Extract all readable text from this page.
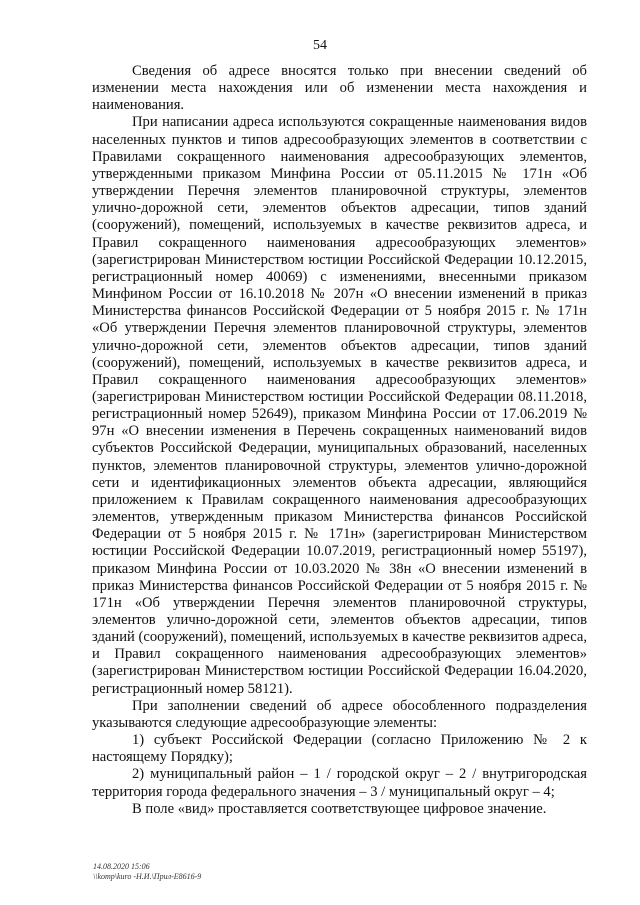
54

Сведения об адресе вносятся только при внесении сведений об изменении места нахождения или об изменении места нахождения и наименования.

При написании адреса используются сокращенные наименования видов населенных пунктов и типов адресообразующих элементов в соответствии с Правилами сокращенного наименования адресообразующих элементов, утвержденными приказом Минфина России от 05.11.2015 № 171н «Об утверждении Перечня элементов планировочной структуры, элементов улично-дорожной сети, элементов объектов адресации, типов зданий (сооружений), помещений, используемых в качестве реквизитов адреса, и Правил сокращенного наименования адресообразующих элементов» (зарегистрирован Министерством юстиции Российской Федерации 10.12.2015, регистрационный номер 40069) с изменениями, внесенными приказом Минфином России от 16.10.2018 № 207н «О внесении изменений в приказ Министерства финансов Российской Федерации от 5 ноября 2015 г. № 171н «Об утверждении Перечня элементов планировочной структуры, элементов улично-дорожной сети, элементов объектов адресации, типов зданий (сооружений), помещений, используемых в качестве реквизитов адреса, и Правил сокращенного наименования адресообразующих элементов» (зарегистрирован Министерством юстиции Российской Федерации 08.11.2018, регистрационный номер 52649), приказом Минфина России от 17.06.2019 № 97н «О внесении изменения в Перечень сокращенных наименований видов субъектов Российской Федерации, муниципальных образований, населенных пунктов, элементов планировочной структуры, элементов улично-дорожной сети и идентификационных элементов объекта адресации, являющийся приложением к Правилам сокращенного наименования адресообразующих элементов, утвержденным приказом Министерства финансов Российской Федерации от 5 ноября 2015 г. № 171н» (зарегистрирован Министерством юстиции Российской Федерации 10.07.2019, регистрационный номер 55197), приказом Минфина России от 10.03.2020 № 38н «О внесении изменений в приказ Министерства финансов Российской Федерации от 5 ноября 2015 г. № 171н «Об утверждении Перечня элементов планировочной структуры, элементов улично-дорожной сети, элементов объектов адресации, типов зданий (сооружений), помещений, используемых в качестве реквизитов адреса, и Правил сокращенного наименования адресообразующих элементов» (зарегистрирован Министерством юстиции Российской Федерации 16.04.2020, регистрационный номер 58121).

При заполнении сведений об адресе обособленного подразделения указываются следующие адресообразующие элементы:

1) субъект Российской Федерации (согласно Приложению № 2 к настоящему Порядку);

2) муниципальный район – 1 / городской округ – 2 / внутригородская территория города федерального значения – 3 / муниципальный округ – 4;

В поле «вид» проставляется соответствующее цифровое значение.

14.08.2020 15:06
\\komp\kuro -Н.И.\Прил-Е8616-9
